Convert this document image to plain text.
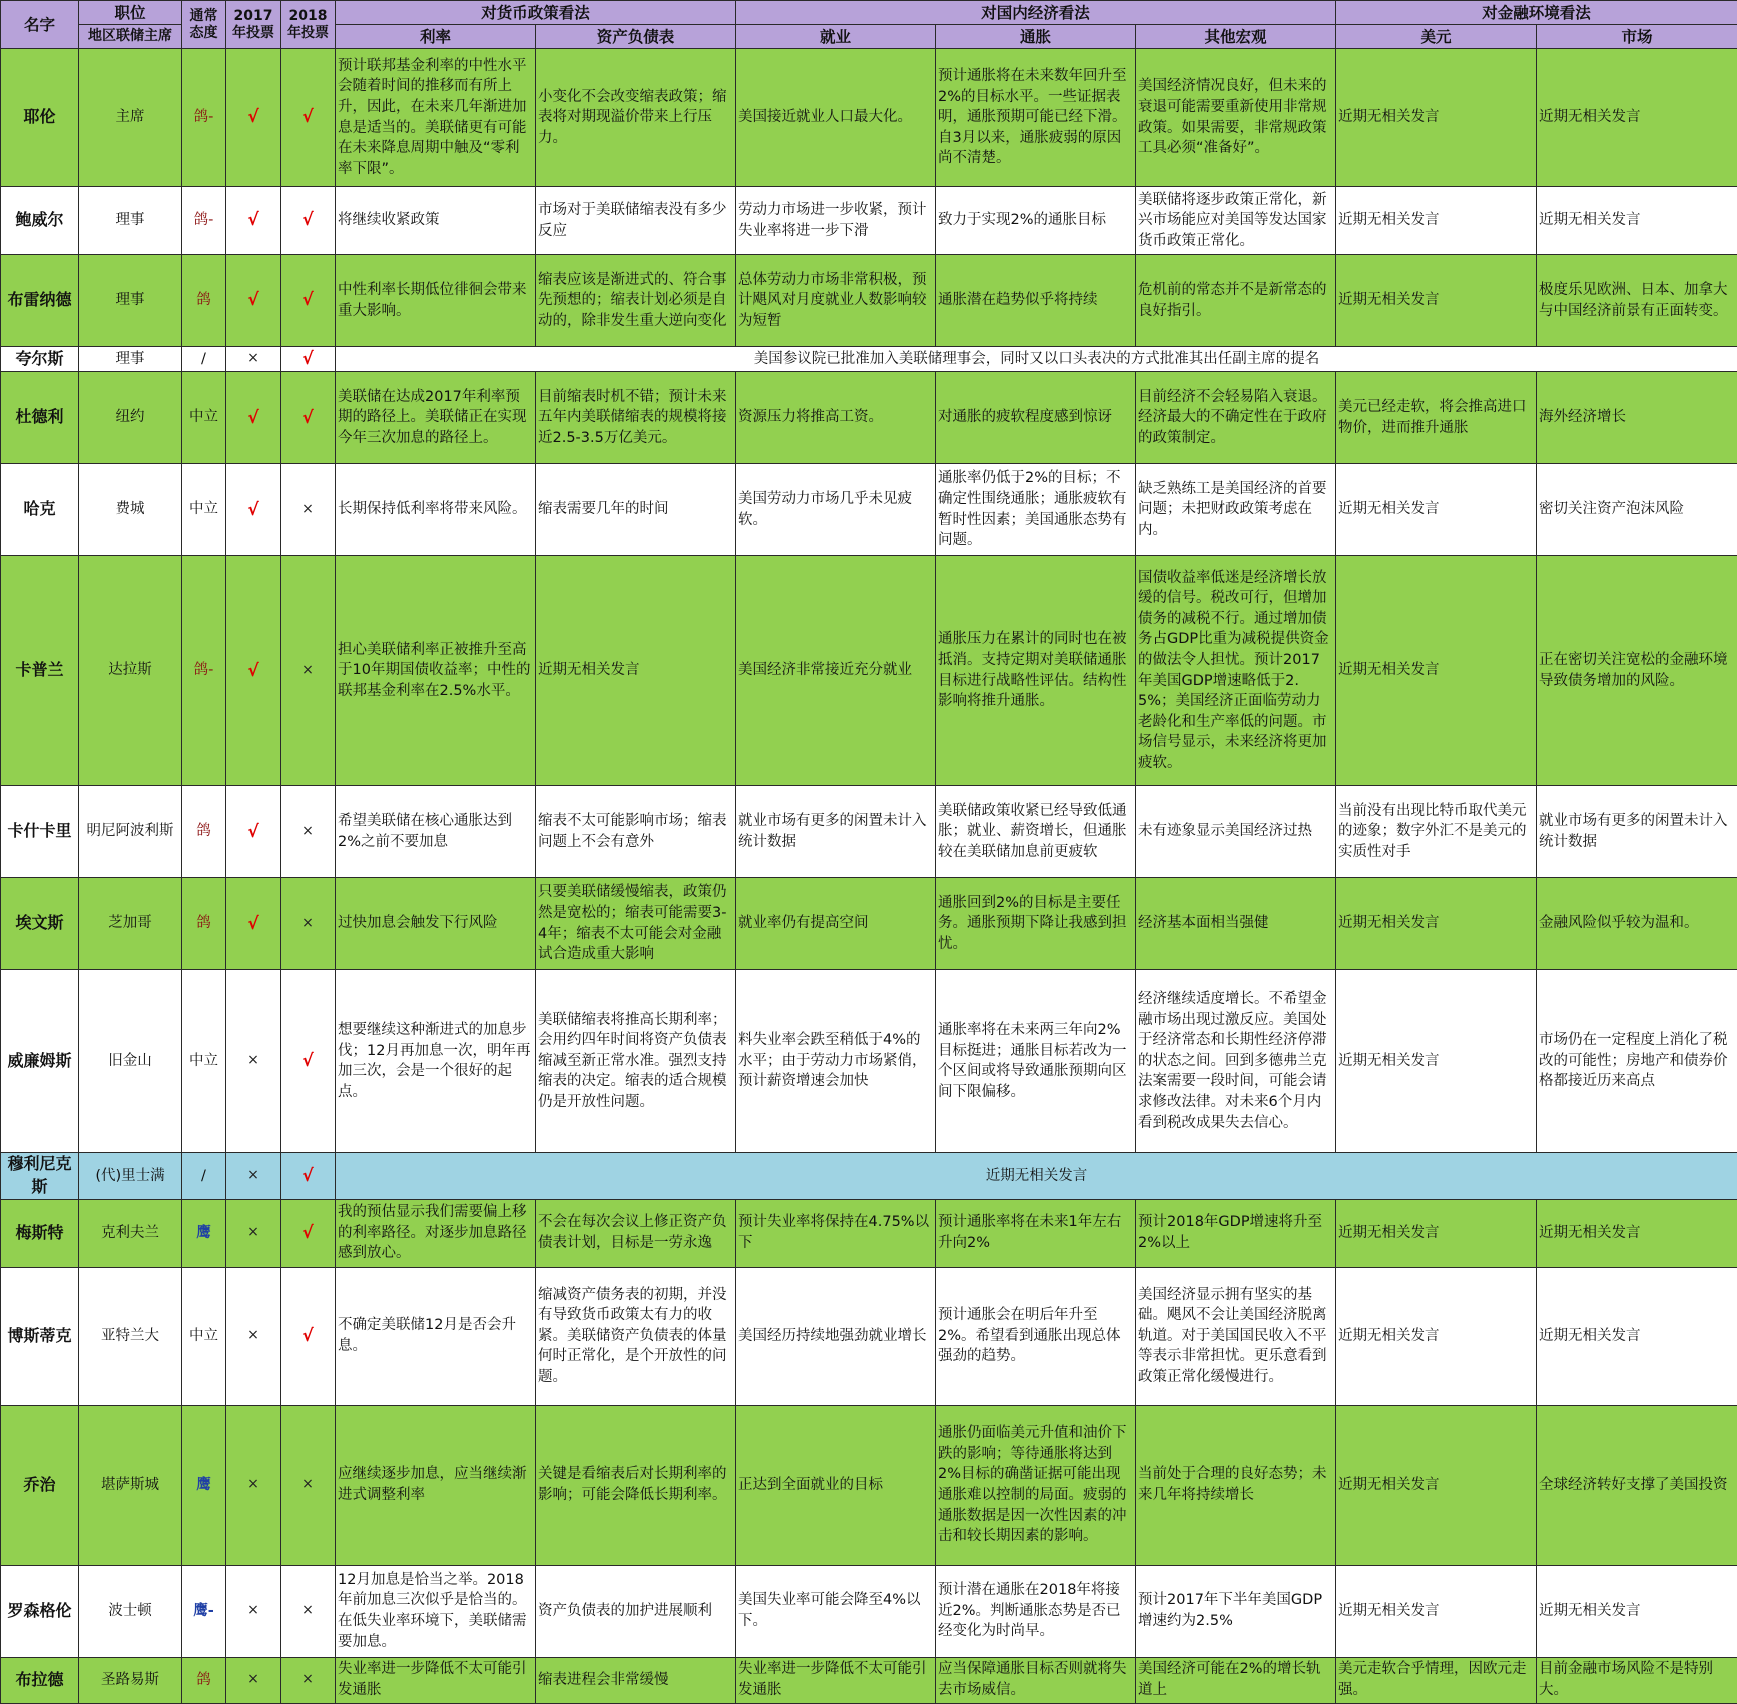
名字	职位	通常态度	2017年投票	2018年投票	对货币政策看法		对国内经济看法			对金融环境看法	
	地区联储主席				利率	资产负债表	就业	通胀	其他宏观	美元	市场
耶伦	主席	鸽-	√	√	预计联邦基金利率的中性水平会随着时间的推移而有所上升，因此，在未来几年渐进加息是适当的。美联储更有可能在未来降息周期中触及“零利率下限”。	小变化不会改变缩表政策；缩表将对期现溢价带来上行压力。	美国接近就业人口最大化。	预计通胀将在未来数年回升至2%的目标水平。一些证据表明，通胀预期可能已经下滑。自3月以来，通胀疲弱的原因尚不清楚。	美国经济情况良好，但未来的衰退可能需要重新使用非常规政策。如果需要，非常规政策工具必须“准备好”。	近期无相关发言	近期无相关发言
鲍威尔	理事	鸽-	√	√	将继续收紧政策	市场对于美联储缩表没有多少反应	劳动力市场进一步收紧，预计失业率将进一步下滑	致力于实现2%的通胀目标	美联储将逐步政策正常化，新兴市场能应对美国等发达国家货币政策正常化。	近期无相关发言	近期无相关发言
布雷纳德	理事	鸽	√	√	中性利率长期低位徘徊会带来重大影响。	缩表应该是渐进式的、符合事先预想的；缩表计划必须是自动的，除非发生重大逆向变化	总体劳动力市场非常积极，预计飓风对月度就业人数影响较为短暂	通胀潜在趋势似乎将持续	危机前的常态并不是新常态的良好指引。	近期无相关发言	极度乐见欧洲、日本、加拿大与中国经济前景有正面转变。
夸尔斯	理事	/	×	√	美国参议院已批准加入美联储理事会，同时又以口头表决的方式批准其出任副主席的提名						
杜德利	纽约	中立	√	√	美联储在达成2017年利率预期的路径上。美联储正在实现今年三次加息的路径上。	目前缩表时机不错；预计未来五年内美联储缩表的规模将接近2.5-3.5万亿美元。	资源压力将推高工资。	对通胀的疲软程度感到惊讶	目前经济不会轻易陷入衰退。经济最大的不确定性在于政府的政策制定。	美元已经走软，将会推高进口物价，进而推升通胀	海外经济增长
哈克	费城	中立	√	×	长期保持低利率将带来风险。	缩表需要几年的时间	美国劳动力市场几乎未见疲软。	通胀率仍低于2%的目标；不确定性围绕通胀；通胀疲软有暂时性因素；美国通胀态势有问题。	缺乏熟练工是美国经济的首要问题；未把财政政策考虑在内。	近期无相关发言	密切关注资产泡沫风险
卡普兰	达拉斯	鸽-	√	×	担心美联储利率正被推升至高于10年期国债收益率；中性的联邦基金利率在2.5%水平。	近期无相关发言	美国经济非常接近充分就业	通胀压力在累计的同时也在被抵消。支持定期对美联储通胀目标进行战略性评估。结构性影响将推升通胀。	国债收益率低迷是经济增长放缓的信号。税改可行，但增加债务的减税不行。通过增加债务占GDP比重为减税提供资金的做法令人担忧。预计2017年美国GDP增速略低于2.5%；美国经济正面临劳动力老龄化和生产率低的问题。市场信号显示，未来经济将更加疲软。	近期无相关发言	正在密切关注宽松的金融环境导致债务增加的风险。
卡什卡里	明尼阿波利斯	鸽	√	×	希望美联储在核心通胀达到2%之前不要加息	缩表不太可能影响市场；缩表问题上不会有意外	就业市场有更多的闲置未计入统计数据	美联储政策收紧已经导致低通胀；就业、薪资增长，但通胀较在美联储加息前更疲软	未有迹象显示美国经济过热	当前没有出现比特币取代美元的迹象；数字外汇不是美元的实质性对手	就业市场有更多的闲置未计入统计数据
埃文斯	芝加哥	鸽	√	×	过快加息会触发下行风险	只要美联储缓慢缩表，政策仍然是宽松的；缩表可能需要3-4年；缩表不太可能会对金融试合造成重大影响	就业率仍有提高空间	通胀回到2%的目标是主要任务。通胀预期下降让我感到担忧。	经济基本面相当强健	近期无相关发言	金融风险似乎较为温和。
威廉姆斯	旧金山	中立	×	√	想要继续这种渐进式的加息步伐；12月再加息一次，明年再加三次，会是一个很好的起点。	美联储缩表将推高长期利率；会用约四年时间将资产负债表缩减至新正常水准。强烈支持缩表的决定。缩表的适合规模仍是开放性问题。	料失业率会跌至稍低于4%的水平；由于劳动力市场紧俏，预计薪资增速会加快	通胀率将在未来两三年向2%目标挺进；通胀目标若改为一个区间或将导致通胀预期向区间下限偏移。	经济继续适度增长。不希望金融市场出现过激反应。美国处于经济常态和长期性经济停滞的状态之间。回到多德弗兰克法案需要一段时间，可能会请求修改法律。对未来6个月内看到税改成果失去信心。	近期无相关发言	市场仍在一定程度上消化了税改的可能性；房地产和债券价格都接近历来高点
穆利尼克斯	(代)里士满	/	×	√	近期无相关发言						
梅斯特	克利夫兰	鹰	×	√	我的预估显示我们需要偏上移的利率路径。对逐步加息路径感到放心。	不会在每次会议上修正资产负债表计划，目标是一劳永逸	预计失业率将保持在4.75%以下	预计通胀率将在未来1年左右升向2%	预计2018年GDP增速将升至2%以上	近期无相关发言	近期无相关发言
博斯蒂克	亚特兰大	中立	×	√	不确定美联储12月是否会升息。	缩减资产债务表的初期，并没有导致货币政策太有力的收紧。美联储资产负债表的体量何时正常化，是个开放性的问题。	美国经历持续地强劲就业增长	预计通胀会在明后年升至2%。希望看到通胀出现总体强劲的趋势。	美国经济显示拥有坚实的基础。飓风不会让美国经济脱离轨道。对于美国国民收入不平等表示非常担忧。更乐意看到政策正常化缓慢进行。	近期无相关发言	近期无相关发言
乔治	堪萨斯城	鹰	×	×	应继续逐步加息，应当继续渐进式调整利率	关键是看缩表后对长期利率的影响；可能会降低长期利率。	正达到全面就业的目标	通胀仍面临美元升值和油价下跌的影响；等待通胀将达到2%目标的确凿证据可能出现通胀难以控制的局面。疲弱的通胀数据是因一次性因素的冲击和较长期因素的影响。	当前处于合理的良好态势；未来几年将持续增长	近期无相关发言	全球经济转好支撑了美国投资
罗森格伦	波士顿	鹰-	×	×	12月加息是恰当之举。2018年前加息三次似乎是恰当的。在低失业率环境下，美联储需要加息。	资产负债表的加护进展顺利	美国失业率可能会降至4%以下。	预计潜在通胀在2018年将接近2%。判断通胀态势是否已经变化为时尚早。	预计2017年下半年美国GDP增速约为2.5%	近期无相关发言	近期无相关发言
布拉德	圣路易斯	鸽	×	×	失业率进一步降低不太可能引发通胀	缩表进程会非常缓慢	失业率进一步降低不太可能引发通胀	应当保障通胀目标否则就将失去市场威信。	美国经济可能在2%的增长轨道上	美元走软合乎情理，因欧元走强。	目前金融市场风险不是特别大。
